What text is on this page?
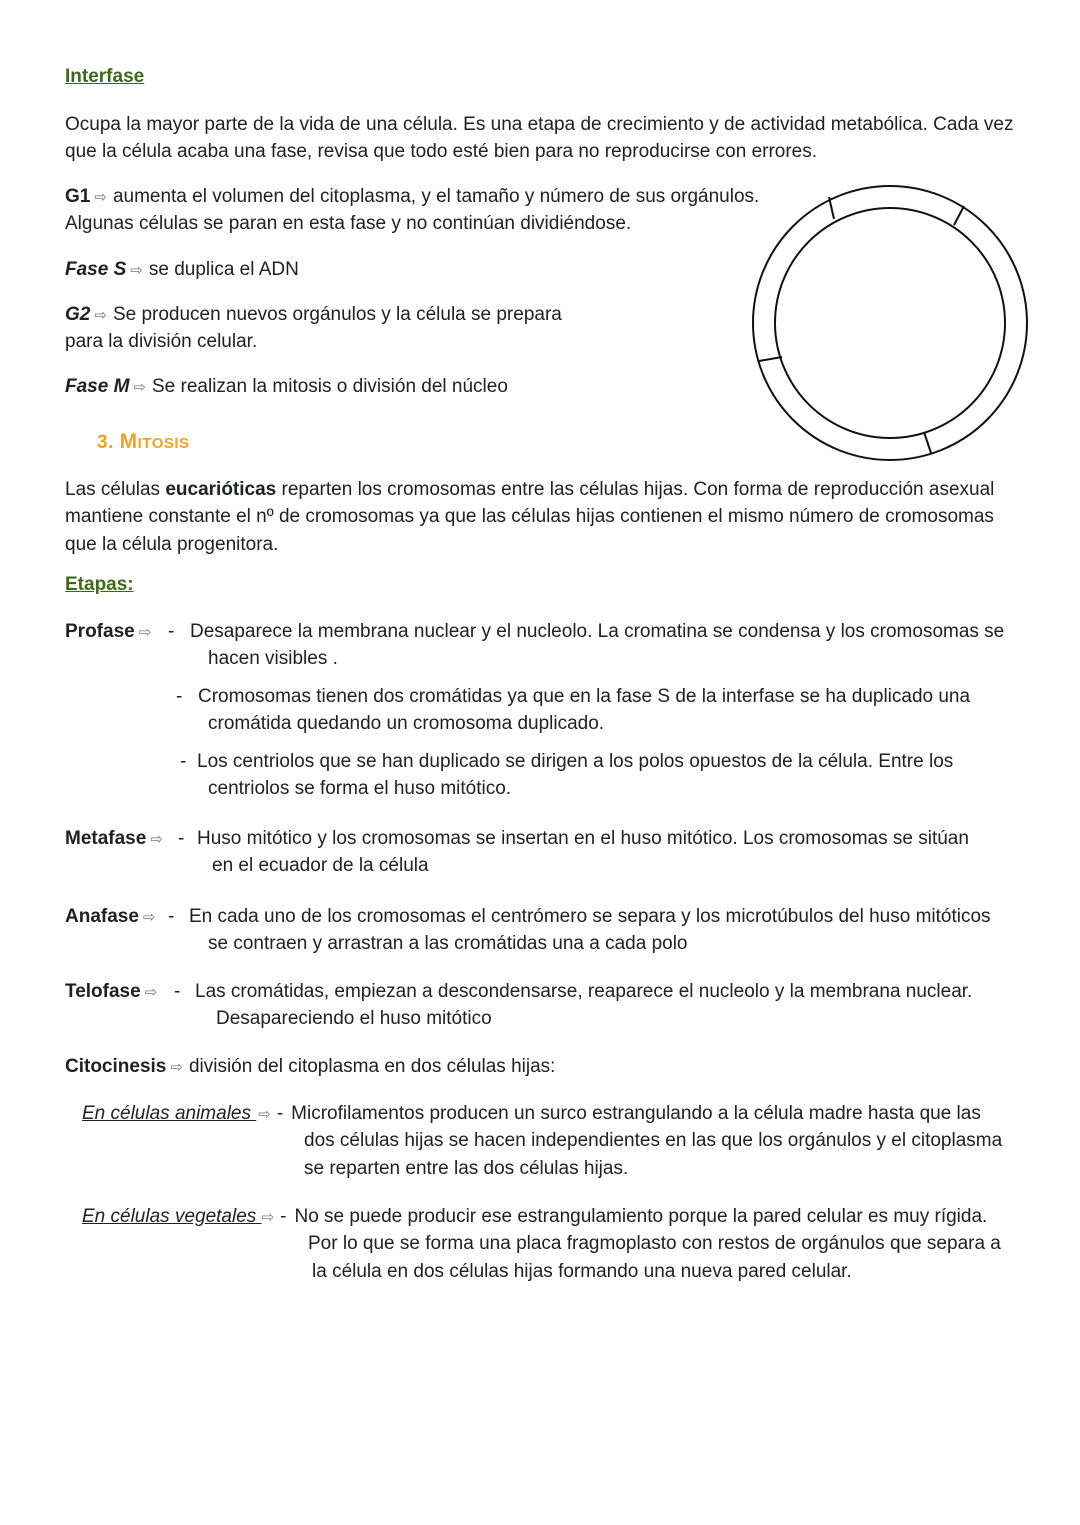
Interfase
Ocupa la mayor parte de la vida de una célula. Es una etapa de crecimiento y de actividad metabólica. Cada vez
que la célula acaba una fase, revisa que todo esté bien para no reproducirse con errores.
G1 ⇨ aumenta el volumen del citoplasma, y el tamaño y número de sus orgánulos.
Algunas células se paran en esta fase y no continúan dividiéndose.
Fase S ⇨ se duplica el ADN
G2 ⇨ Se producen nuevos orgánulos y la célula se prepara
para la división celular.
Fase M ⇨ Se realizan la mitosis o división del núcleo
3. Mitosis
Las células eucarióticas reparten los cromosomas entre las células hijas. Con forma de reproducción asexual
mantiene constante el nº de cromosomas ya que las células hijas contienen el mismo número de cromosomas
que la célula progenitora.
Etapas:
Profase ⇨ - Desaparece la membrana nuclear y el nucleolo. La cromatina se condensa y los cromosomas se
hacen visibles .
- Cromosomas tienen dos cromátidas ya que en la fase S de la interfase se ha duplicado una
cromátida quedando un cromosoma duplicado.
- Los centriolos que se han duplicado se dirigen a los polos opuestos de la célula. Entre los
centriolos se forma el huso mitótico.
Metafase ⇨ - Huso mitótico y los cromosomas se insertan en el huso mitótico. Los cromosomas se sitúan
en el ecuador de la célula
Anafase ⇨ - En cada uno de los cromosomas el centrómero se separa y los microtúbulos del huso mitóticos
se contraen y arrastran a las cromátidas una a cada polo
Telofase ⇨ - Las cromátidas, empiezan a descondensarse, reaparece el nucleolo y la membrana nuclear.
Desapareciendo el huso mitótico
Citocinesis ⇨ división del citoplasma en dos células hijas:
En células animales ⇨ - Microfilamentos producen un surco estrangulando a la célula madre hasta que las
dos células hijas se hacen independientes en las que los orgánulos y el citoplasma
se reparten entre las dos células hijas.
En células vegetales ⇨ - No se puede producir ese estrangulamiento porque la pared celular es muy rígida.
Por lo que se forma una placa fragmoplasto con restos de orgánulos que separa a
la célula en dos células hijas formando una nueva pared celular.
